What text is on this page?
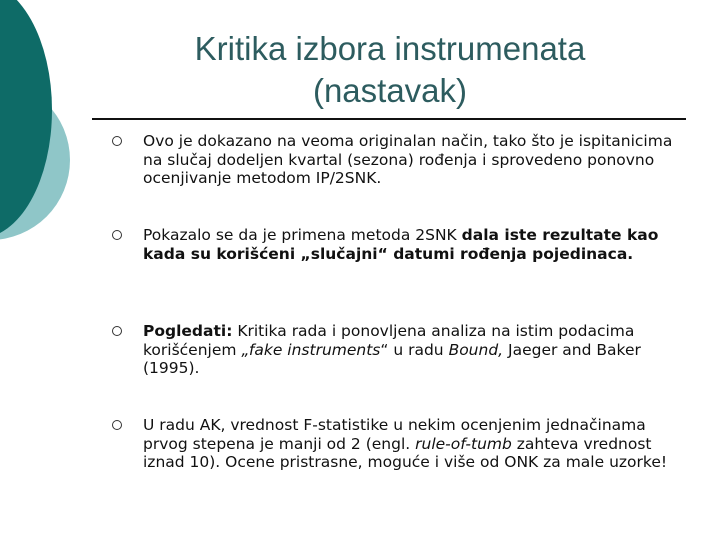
Kritika izbora instrumenata
(nastavak)
Ovo je dokazano na veoma originalan način, tako što je ispitanicima na slučaj dodeljen kvartal (sezona) rođenja i sprovedeno ponovno ocenjivanje metodom IP/2SNK.
Pokazalo se da je primena metoda 2SNK dala iste rezultate kao kada su korišćeni „slučajni“ datumi rođenja pojedinaca.
Pogledati: Kritika rada i ponovljena analiza na istim podacima korišćenjem „fake instruments“ u radu Bound, Jaeger and Baker (1995).
U radu AK, vrednost F-statistike u nekim ocenjenim jednačinama prvog stepena je manji od 2 (engl. rule-of-tumb zahteva vrednost iznad 10). Ocene pristrasne, moguće i više od ONK za male uzorke!
